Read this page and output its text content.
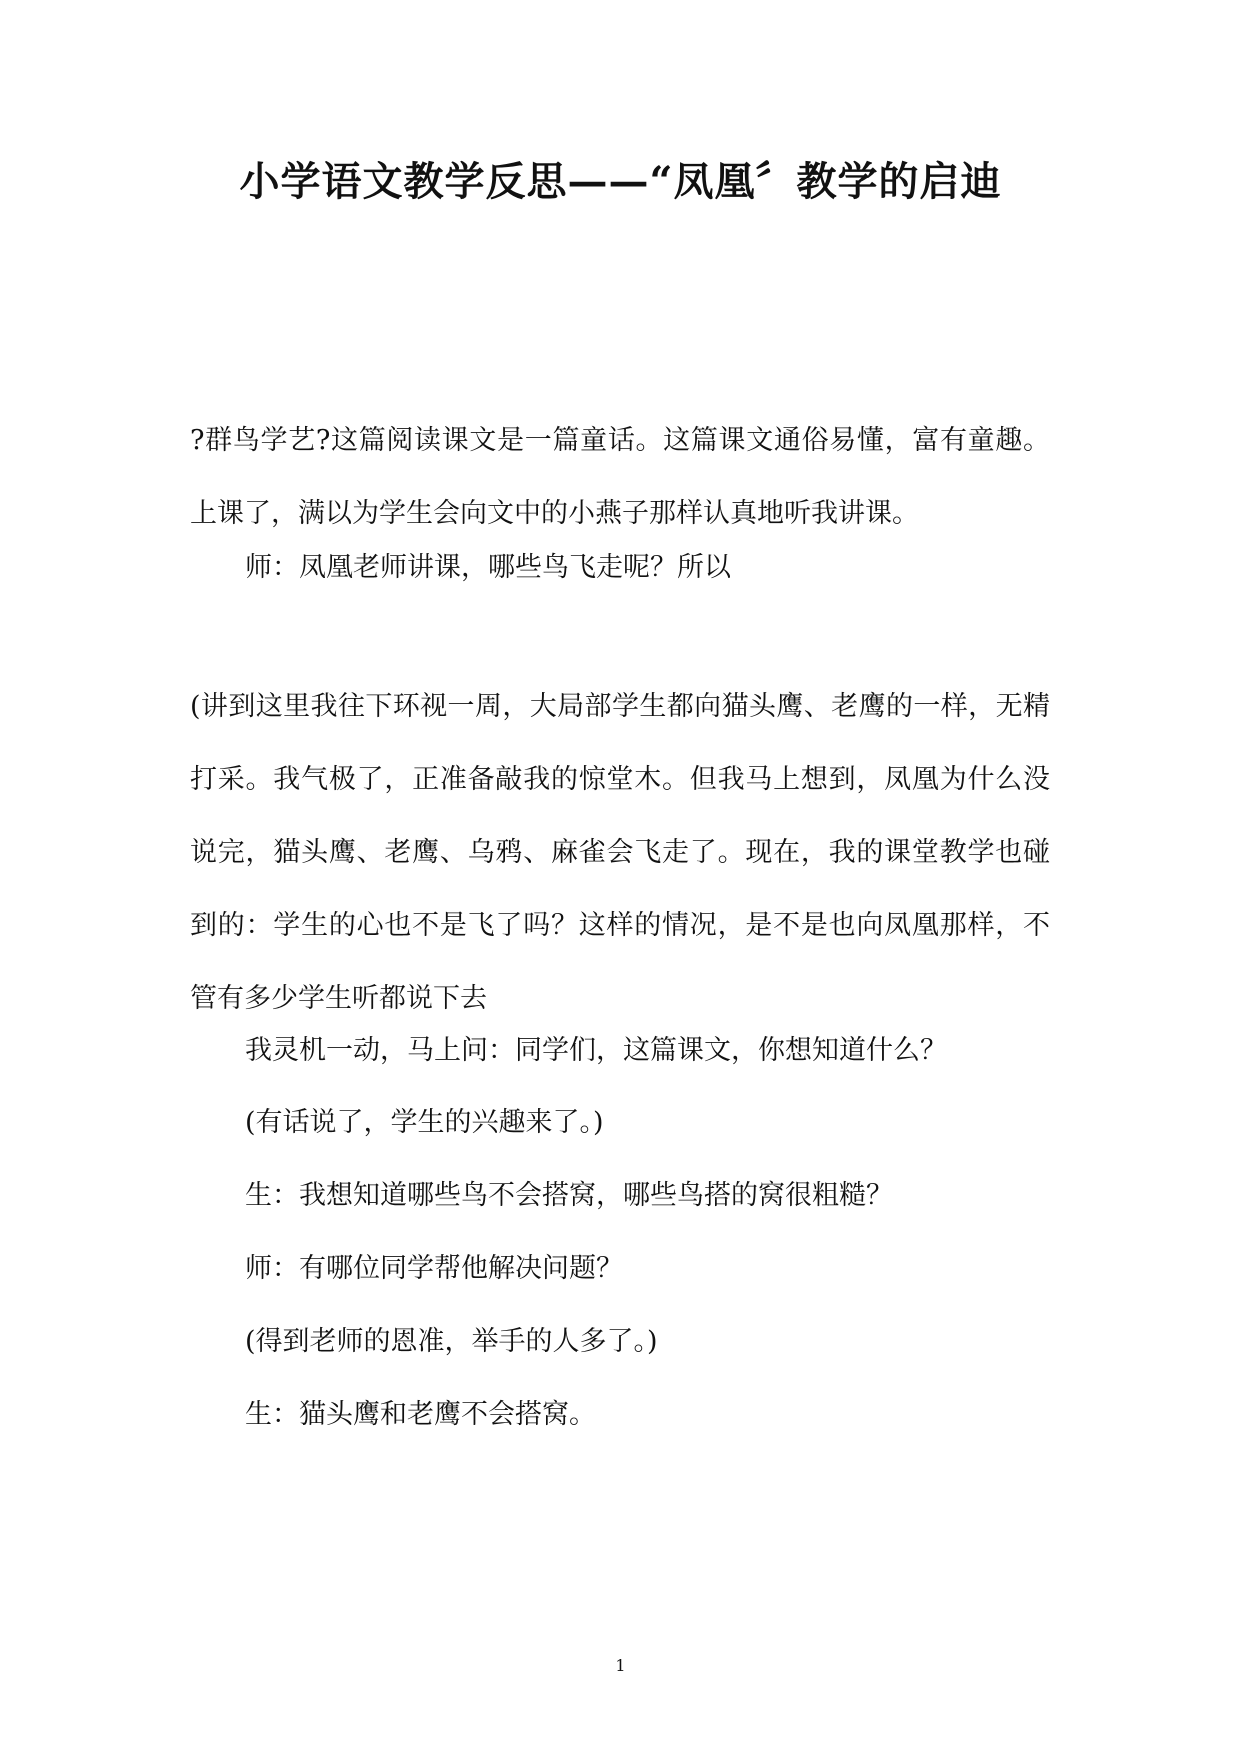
小学语文教学反思——“凤凰〞教学的启迪
?群鸟学艺?这篇阅读课文是一篇童话。这篇课文通俗易懂，富有童趣。上课了，满以为学生会向文中的小燕子那样认真地听我讲课。
师：凤凰老师讲课，哪些鸟飞走呢？所以
(讲到这里我往下环视一周，大局部学生都向猫头鹰、老鹰的一样，无精打采。我气极了，正准备敲我的惊堂木。但我马上想到，凤凰为什么没说完，猫头鹰、老鹰、乌鸦、麻雀会飞走了。现在，我的课堂教学也碰到的：学生的心也不是飞了吗？这样的情况，是不是也向凤凰那样，不管有多少学生听都说下去
我灵机一动，马上问：同学们，这篇课文，你想知道什么？
(有话说了，学生的兴趣来了。)
生：我想知道哪些鸟不会搭窝，哪些鸟搭的窝很粗糙？
师：有哪位同学帮他解决问题？
(得到老师的恩准，举手的人多了。)
生：猫头鹰和老鹰不会搭窝。
1
